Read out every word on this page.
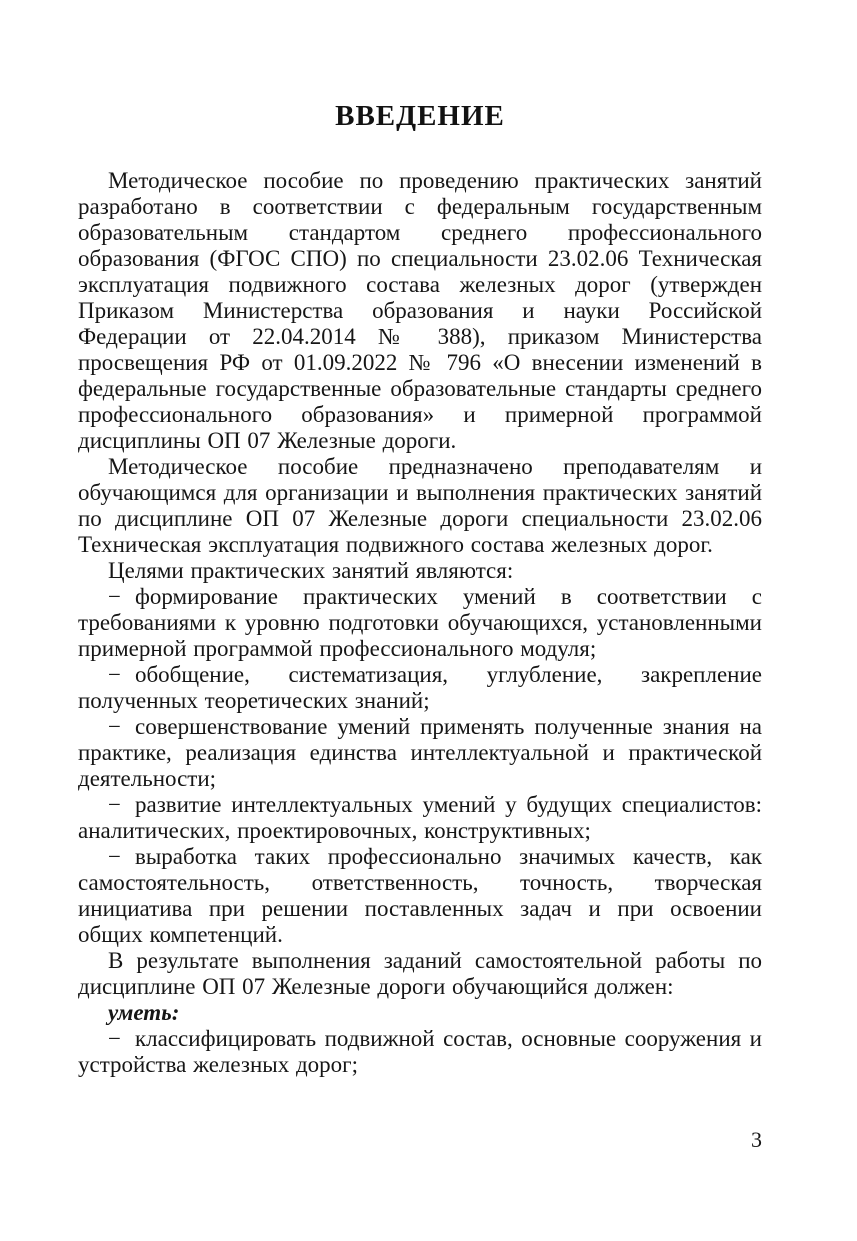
ВВЕДЕНИЕ

Методическое пособие по проведению практических занятий разработано в соответствии с федеральным государственным образовательным стандартом среднего профессионального образования (ФГОС СПО) по специальности 23.02.06 Техническая эксплуатация подвижного состава железных дорог (утвержден Приказом Министерства образования и науки Российской Федерации от 22.04.2014 № 388), приказом Министерства просвещения РФ от 01.09.2022 № 796 «О внесении изменений в федеральные государственные образовательные стандарты среднего профессионального образования» и примерной программой дисциплины ОП 07 Железные дороги.

Методическое пособие предназначено преподавателям и обучающимся для организации и выполнения практических занятий по дисциплине ОП 07 Железные дороги специальности 23.02.06 Техническая эксплуатация подвижного состава железных дорог.

Целями практических занятий являются:

− формирование практических умений в соответствии с требованиями к уровню подготовки обучающихся, установленными примерной программой профессионального модуля;

− обобщение, систематизация, углубление, закрепление полученных теоретических знаний;

− совершенствование умений применять полученные знания на практике, реализация единства интеллектуальной и практической деятельности;

− развитие интеллектуальных умений у будущих специалистов: аналитических, проектировочных, конструктивных;

− выработка таких профессионально значимых качеств, как самостоятельность, ответственность, точность, творческая инициатива при решении поставленных задач и при освоении общих компетенций.

В результате выполнения заданий самостоятельной работы по дисциплине ОП 07 Железные дороги обучающийся должен:

уметь:

− классифицировать подвижной состав, основные сооружения и устройства железных дорог;

3
